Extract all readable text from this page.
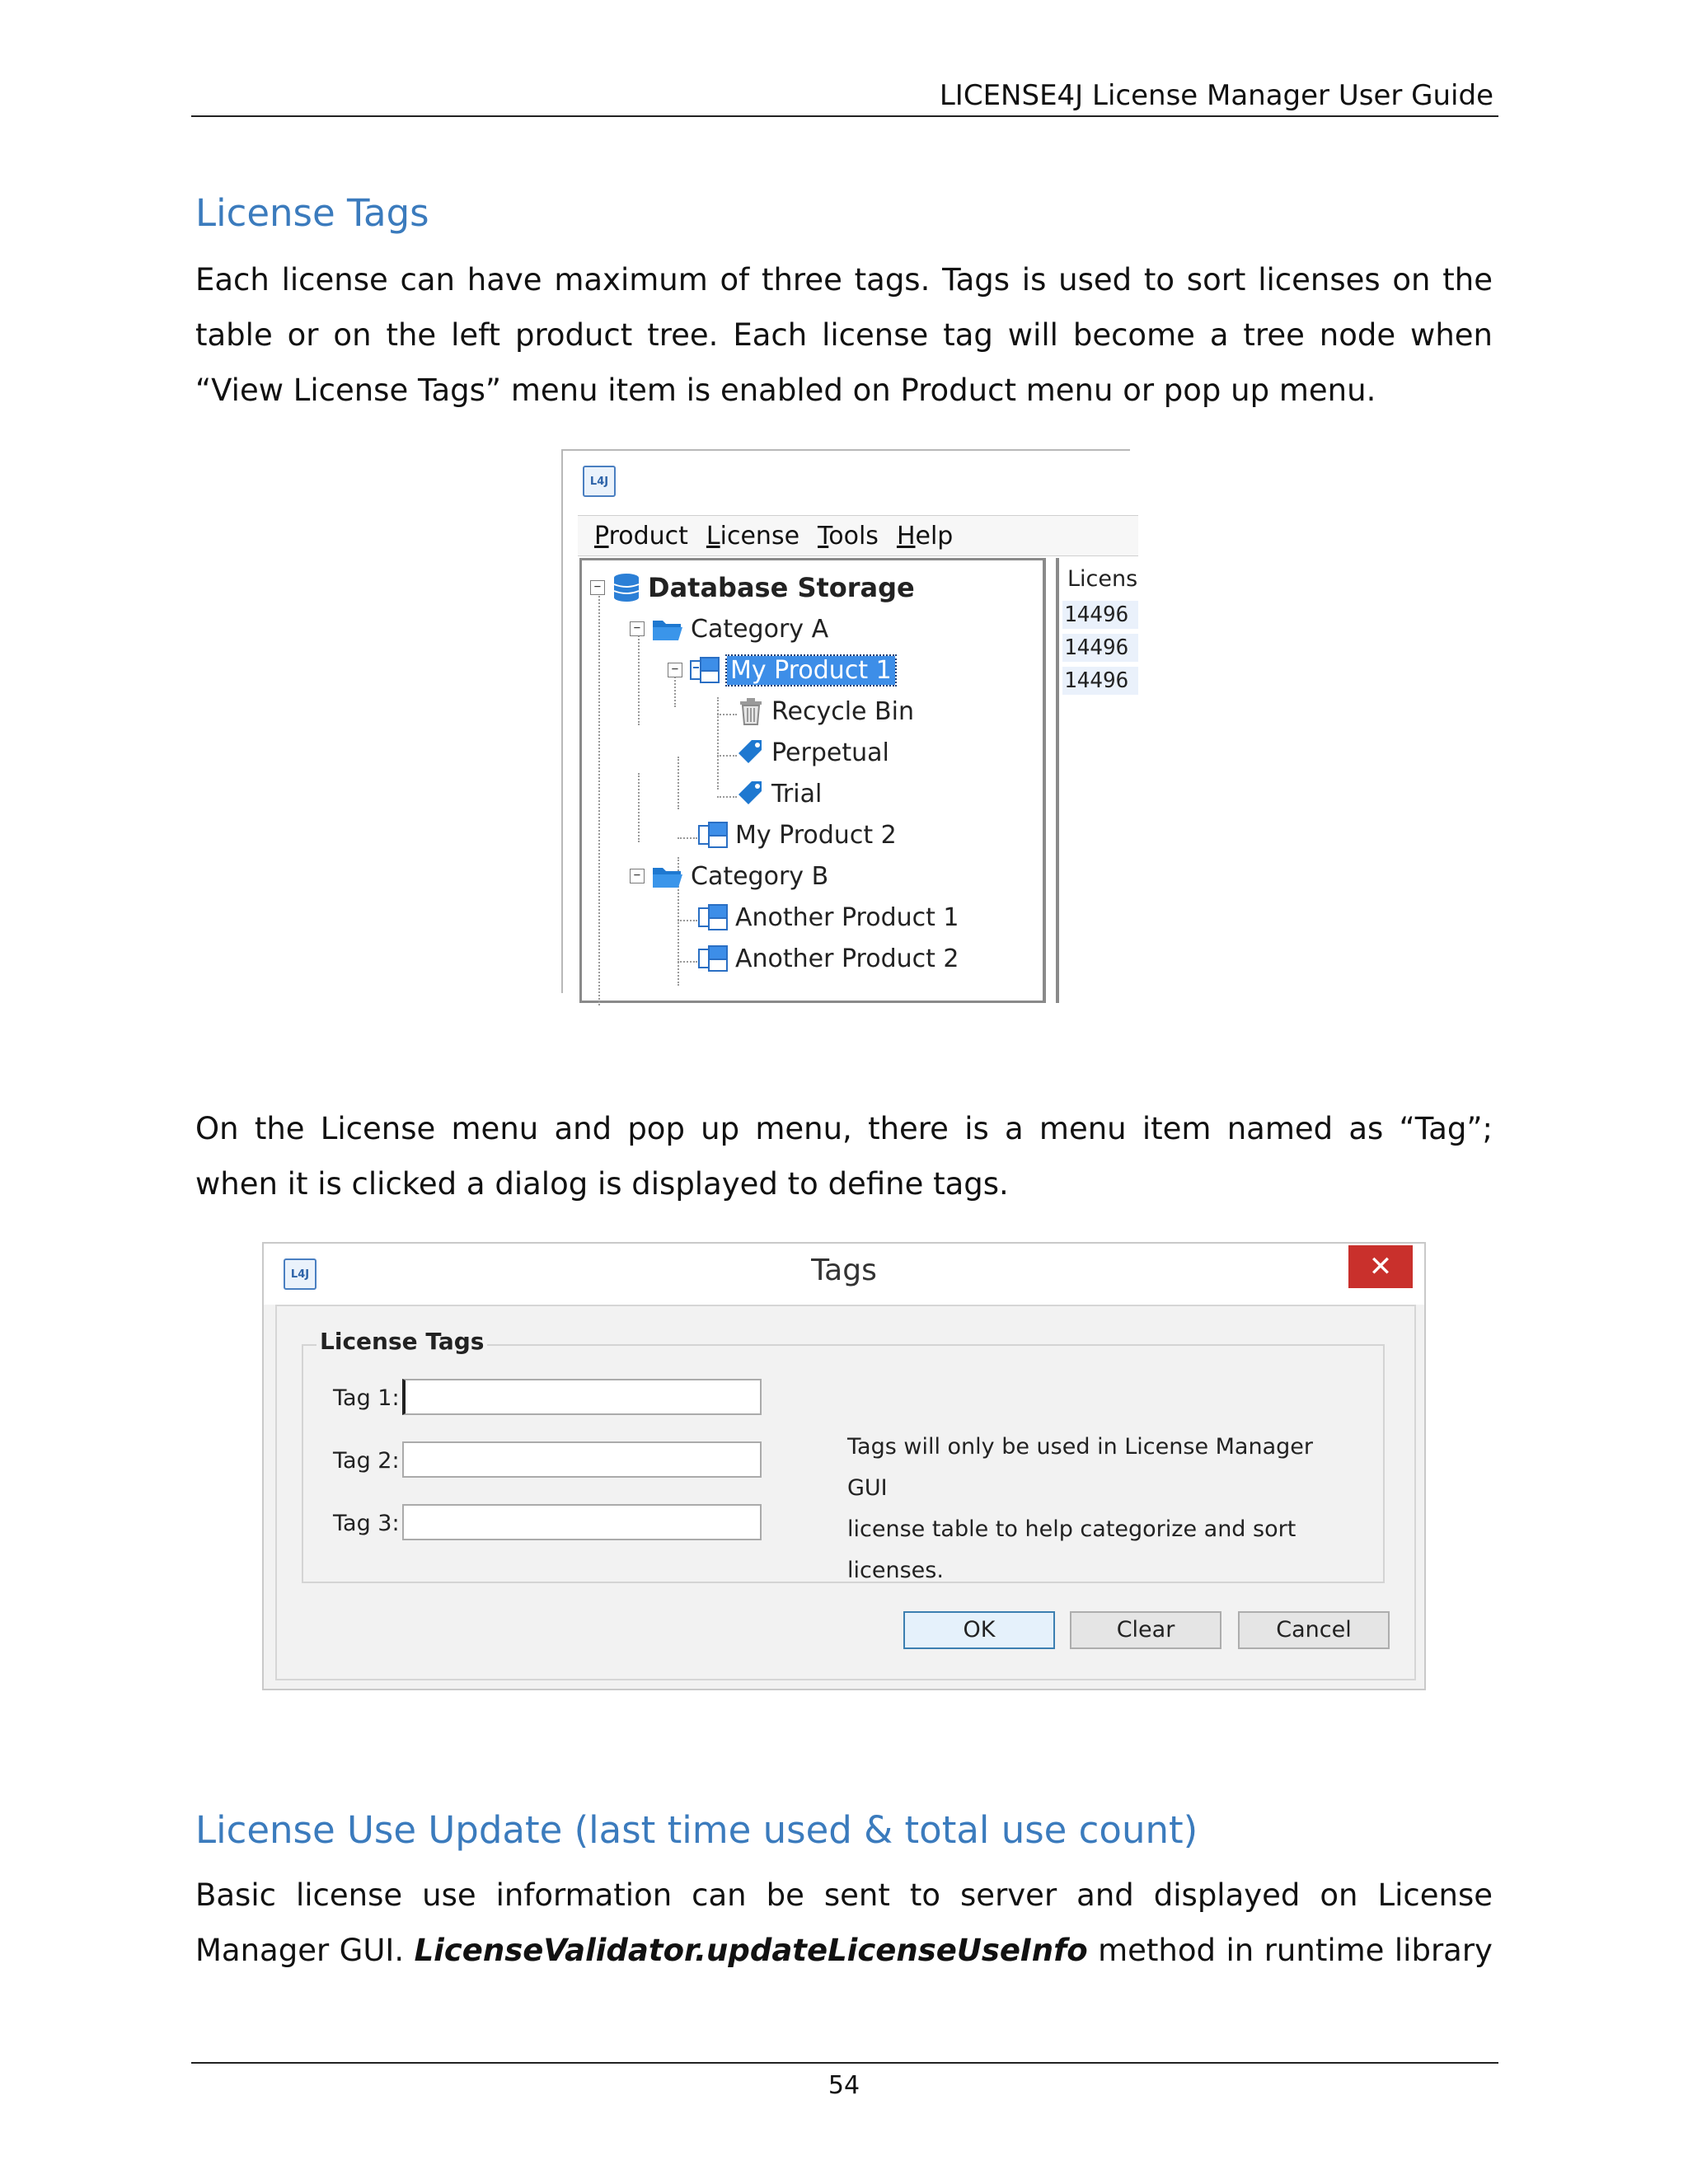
LICENSE4J License Manager User Guide
License Tags
Each license can have maximum of three tags. Tags is used to sort licenses on the
table or on the left product tree. Each license tag will become a tree node when
“View License Tags” menu item is enabled on Product menu or pop up menu.
L4J
Product License Tools Help
− Database Storage
− Category A
− My Product 1
Recycle Bin
Perpetual
Trial
My Product 2
− Category B
Another Product 1
Another Product 2
Licens
14496
14496
14496
On the License menu and pop up menu, there is a menu item named as “Tag”;
when it is clicked a dialog is displayed to define tags.
L4J	Tags	✕
License Tags
Tag 1:
Tag 2:
Tag 3:
Tags will only be used in License Manager GUI
license table to help categorize and sort licenses.
OK	Clear	Cancel
License Use Update (last time used & total use count)
Basic license use information can be sent to server and displayed on License
Manager GUI. LicenseValidator.updateLicenseUseInfo method in runtime library
54
